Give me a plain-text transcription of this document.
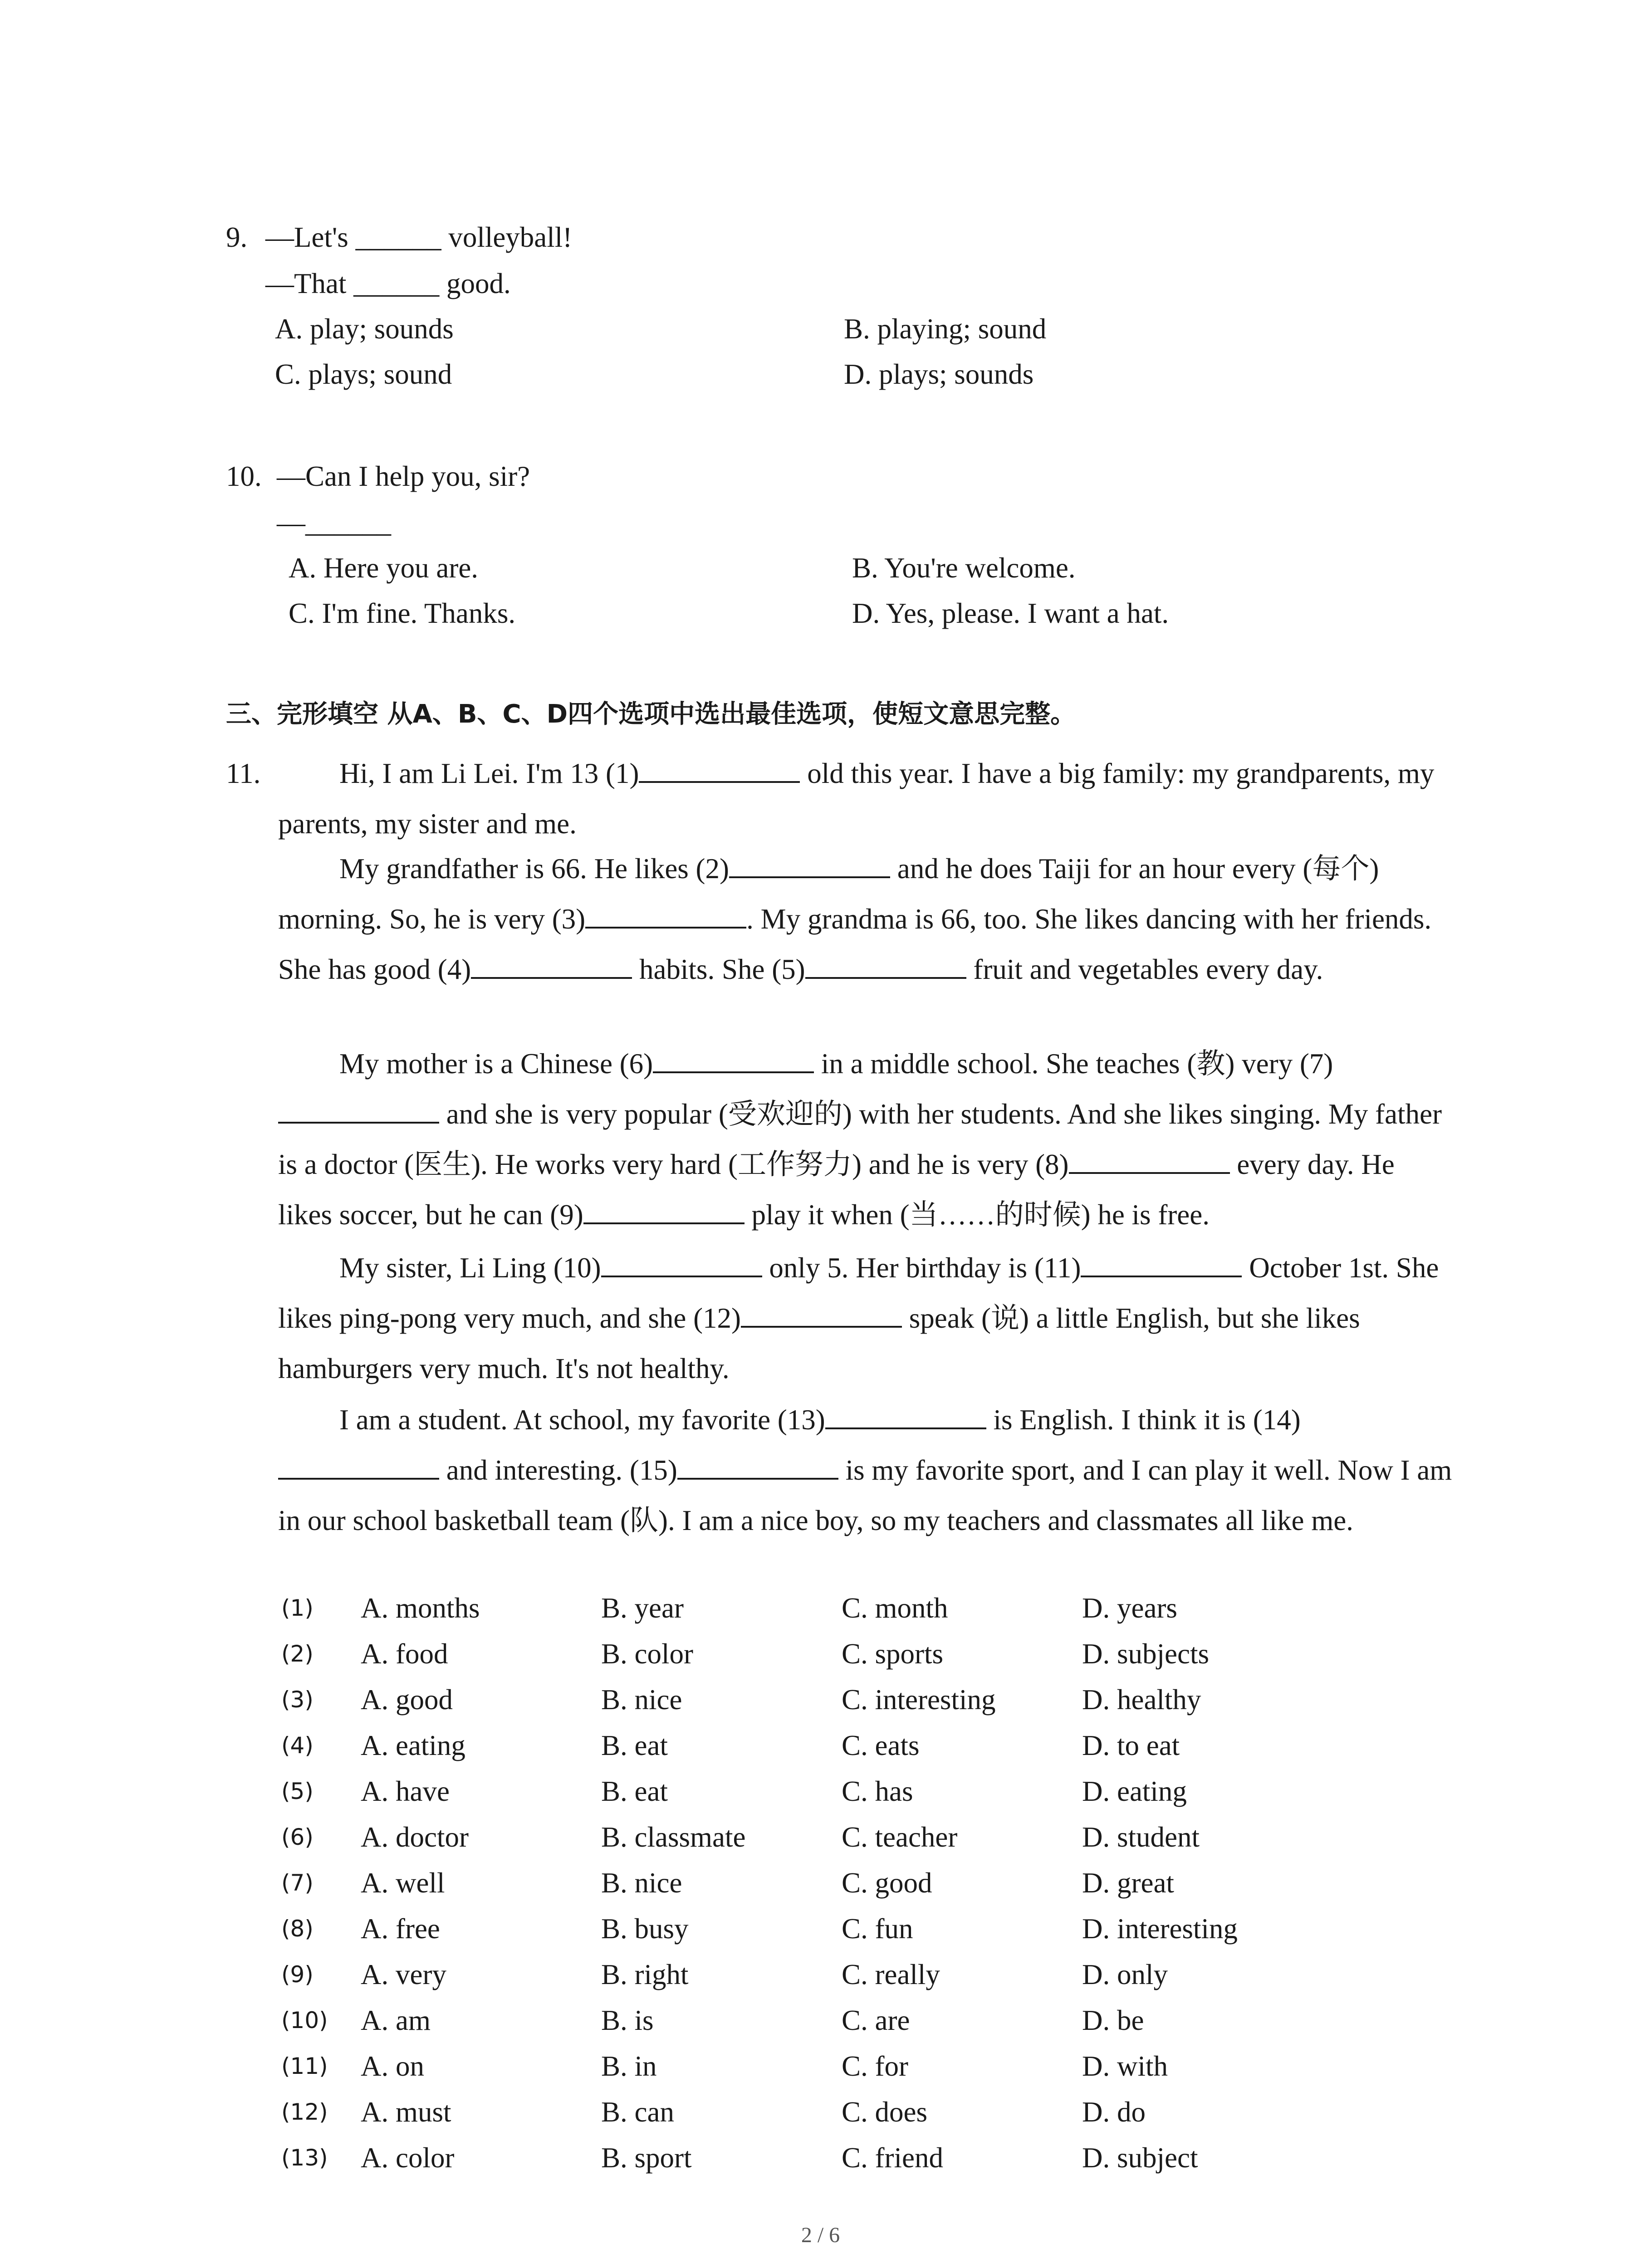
9. —Let's ______ volleyball!
—That ______ good.
A. play; sounds	B. playing; sound
C. plays; sound	D. plays; sounds
10. —Can I help you, sir?
—______
A. Here you are.	B. You're welcome.
C. I'm fine. Thanks.	D. Yes, please. I want a hat.
三、完形填空 从A、B、C、D四个选项中选出最佳选项，使短文意思完整。
11.	Hi, I am Li Lei. I'm 13 (1)	old this year. I have a big family: my grandparents, my parents, my sister and me.
My grandfather is 66. He likes (2)	and he does Taiji for an hour every (每个) morning. So, he is very (3)	. My grandma is 66, too. She likes dancing with her friends. She has good (4)	habits. She (5)	fruit and vegetables every day.
My mother is a Chinese (6)	in a middle school. She teaches (教) very (7) and she is very popular (受欢迎的) with her students. And she likes singing. My father is a doctor (医生). He works very hard (工作努力) and he is very (8)	every day. He likes soccer, but he can (9)	play it when (当……的时候) he is free.
My sister, Li Ling (10)	only 5. Her birthday is (11)	October 1st. She likes ping-pong very much, and she (12)	speak (说) a little English, but she likes hamburgers very much. It's not healthy.
I am a student. At school, my favorite (13)	is English. I think it is (14) and interesting. (15)	is my favorite sport, and I can play it well. Now I am in our school basketball team (队). I am a nice boy, so my teachers and classmates all like me.
(1) A. months	B. year	C. month	D. years
(2) A. food	B. color	C. sports	D. subjects
(3) A. good	B. nice	C. interesting	D. healthy
(4) A. eating	B. eat	C. eats	D. to eat
(5) A. have	B. eat	C. has	D. eating
(6) A. doctor	B. classmate	C. teacher	D. student
(7) A. well	B. nice	C. good	D. great
(8) A. free	B. busy	C. fun	D. interesting
(9) A. very	B. right	C. really	D. only
(10) A. am	B. is	C. are	D. be
(11) A. on	B. in	C. for	D. with
(12) A. must	B. can	C. does	D. do
(13) A. color	B. sport	C. friend	D. subject
2 / 6
